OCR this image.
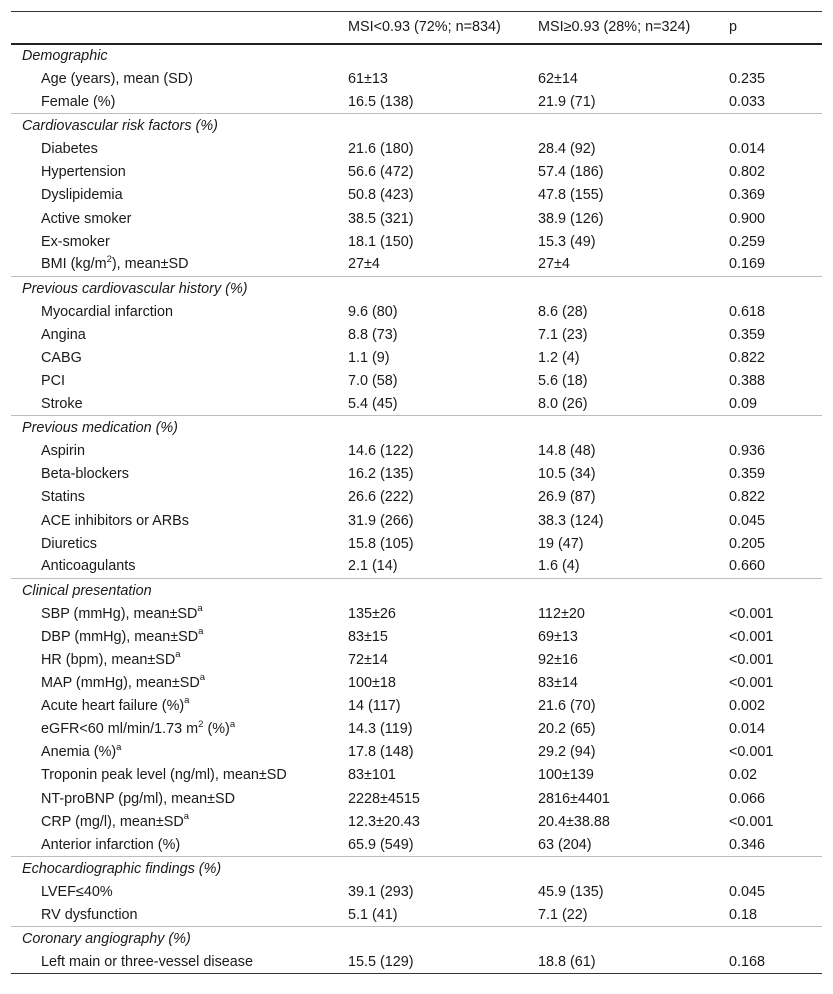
	MSI<0.93 (72%; n=834)	MSI≥0.93 (28%; n=324)	p
Demographic			
Age (years), mean (SD)	61±13	62±14	0.235
Female (%)	16.5 (138)	21.9 (71)	0.033
Cardiovascular risk factors (%)			
Diabetes	21.6 (180)	28.4 (92)	0.014
Hypertension	56.6 (472)	57.4 (186)	0.802
Dyslipidemia	50.8 (423)	47.8 (155)	0.369
Active smoker	38.5 (321)	38.9 (126)	0.900
Ex-smoker	18.1 (150)	15.3 (49)	0.259
BMI $(kg/m^2)$, mean±SD	27±4	27±4	0.169
Previous cardiovascular history (%)			
Myocardial infarction	9.6 (80)	8.6 (28)	0.618
Angina	8.8 (73)	7.1 (23)	0.359
CABG	1.1 (9)	1.2 (4)	0.822
PCI	7.0 (58)	5.6 (18)	0.388
Stroke	5.4 (45)	8.0 (26)	0.09
Previous medication (%)			
Aspirin	14.6 (122)	14.8 (48)	0.936
Beta-blockers	16.2 (135)	10.5 (34)	0.359
Statins	26.6 (222)	26.9 (87)	0.822
ACE inhibitors or ARBs	31.9 (266)	38.3 (124)	0.045
Diuretics	15.8 (105)	19 (47)	0.205
Anticoagulants	2.1 (14)	1.6 (4)	0.660
Clinical presentation			
SBP (mmHg), $mean\pm SD^a$	135±26	112±20	<0.001
DBP (mmHg), $mean\pm SD^a$	83±15	69±13	<0.001
HR (bpm), $mean\pm SD^a$	72±14	92±16	<0.001
MAP (mmHg), $mean\pm SD^a$	100±18	83±14	<0.001
Acute heart failure (%)$^a$	14 (117)	21.6 (70)	0.002
eGFR<60 ml/min/1.73 $m^2$ (%)$^a$	14.3 (119)	20.2 (65)	0.014
Anemia (%)$^a$	17.8 (148)	29.2 (94)	<0.001
Troponin peak level (ng/ml), mean±SD	83±101	100±139	0.02
NT-proBNP (pg/ml), mean±SD	2228±4515	2816±4401	0.066
CRP (mg/l), $mean\pm SD^a$	12.3±20.43	20.4±38.88	<0.001
Anterior infarction (%)	65.9 (549)	63 (204)	0.346
Echocardiographic findings (%)			
LVEF≤40%	39.1 (293)	45.9 (135)	0.045
RV dysfunction	5.1 (41)	7.1 (22)	0.18
Coronary angiography (%)			
Left main or three-vessel disease	15.5 (129)	18.8 (61)	0.168
